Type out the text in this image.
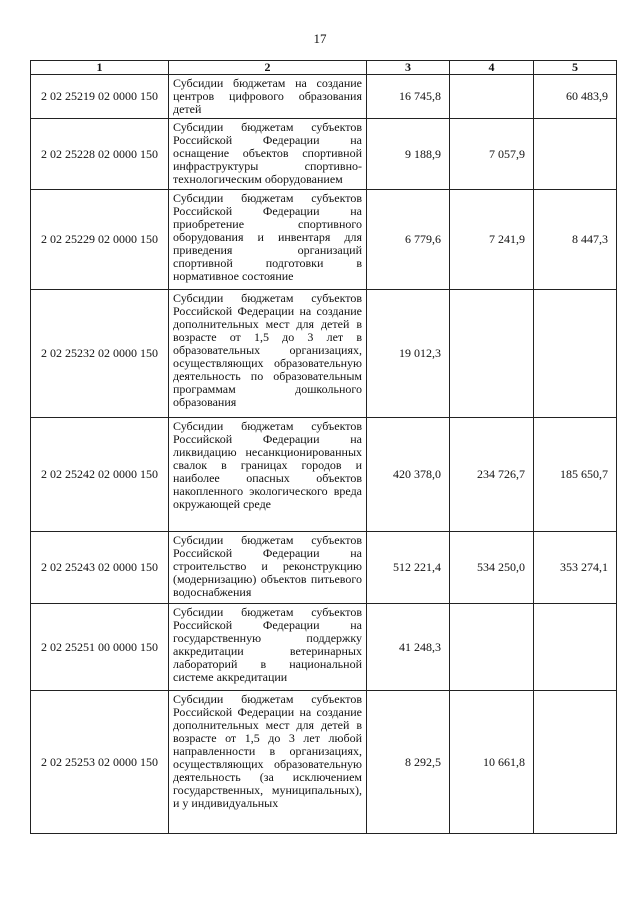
17
1	2	3	4	5
2 02 25219 02 0000 150	Субсидии бюджетам на создание центров цифрового образования детей	16 745,8		60 483,9
2 02 25228 02 0000 150	Субсидии бюджетам субъектов Российской Федерации на оснащение объектов спортивной инфраструктуры спортивно-технологическим оборудованием	9 188,9	7 057,9	
2 02 25229 02 0000 150	Субсидии бюджетам субъектов Российской Федерации на приобретение спортивного оборудования и инвентаря для приведения организаций спортивной подготовки в нормативное состояние	6 779,6	7 241,9	8 447,3
2 02 25232 02 0000 150	Субсидии бюджетам субъектов Российской Федерации на создание дополнительных мест для детей в возрасте от 1,5 до 3 лет в образовательных организациях, осуществляющих образовательную деятельность по образовательным программам дошкольного образования	19 012,3		
2 02 25242 02 0000 150	Субсидии бюджетам субъектов Российской Федерации на ликвидацию несанкционированных свалок в границах городов и наиболее опасных объектов накопленного экологического вреда окружающей среде	420 378,0	234 726,7	185 650,7
2 02 25243 02 0000 150	Субсидии бюджетам субъектов Российской Федерации на строительство и реконструкцию (модернизацию) объектов питьевого водоснабжения	512 221,4	534 250,0	353 274,1
2 02 25251 00 0000 150	Субсидии бюджетам субъектов Российской Федерации на государственную поддержку аккредитации ветеринарных лабораторий в национальной системе аккредитации	41 248,3		
2 02 25253 02 0000 150	Субсидии бюджетам субъектов Российской Федерации на создание дополнительных мест для детей в возрасте от 1,5 до 3 лет любой направленности в организациях, осуществляющих образовательную деятельность (за исключением государственных, муниципальных), и у индивидуальных	8 292,5	10 661,8	
